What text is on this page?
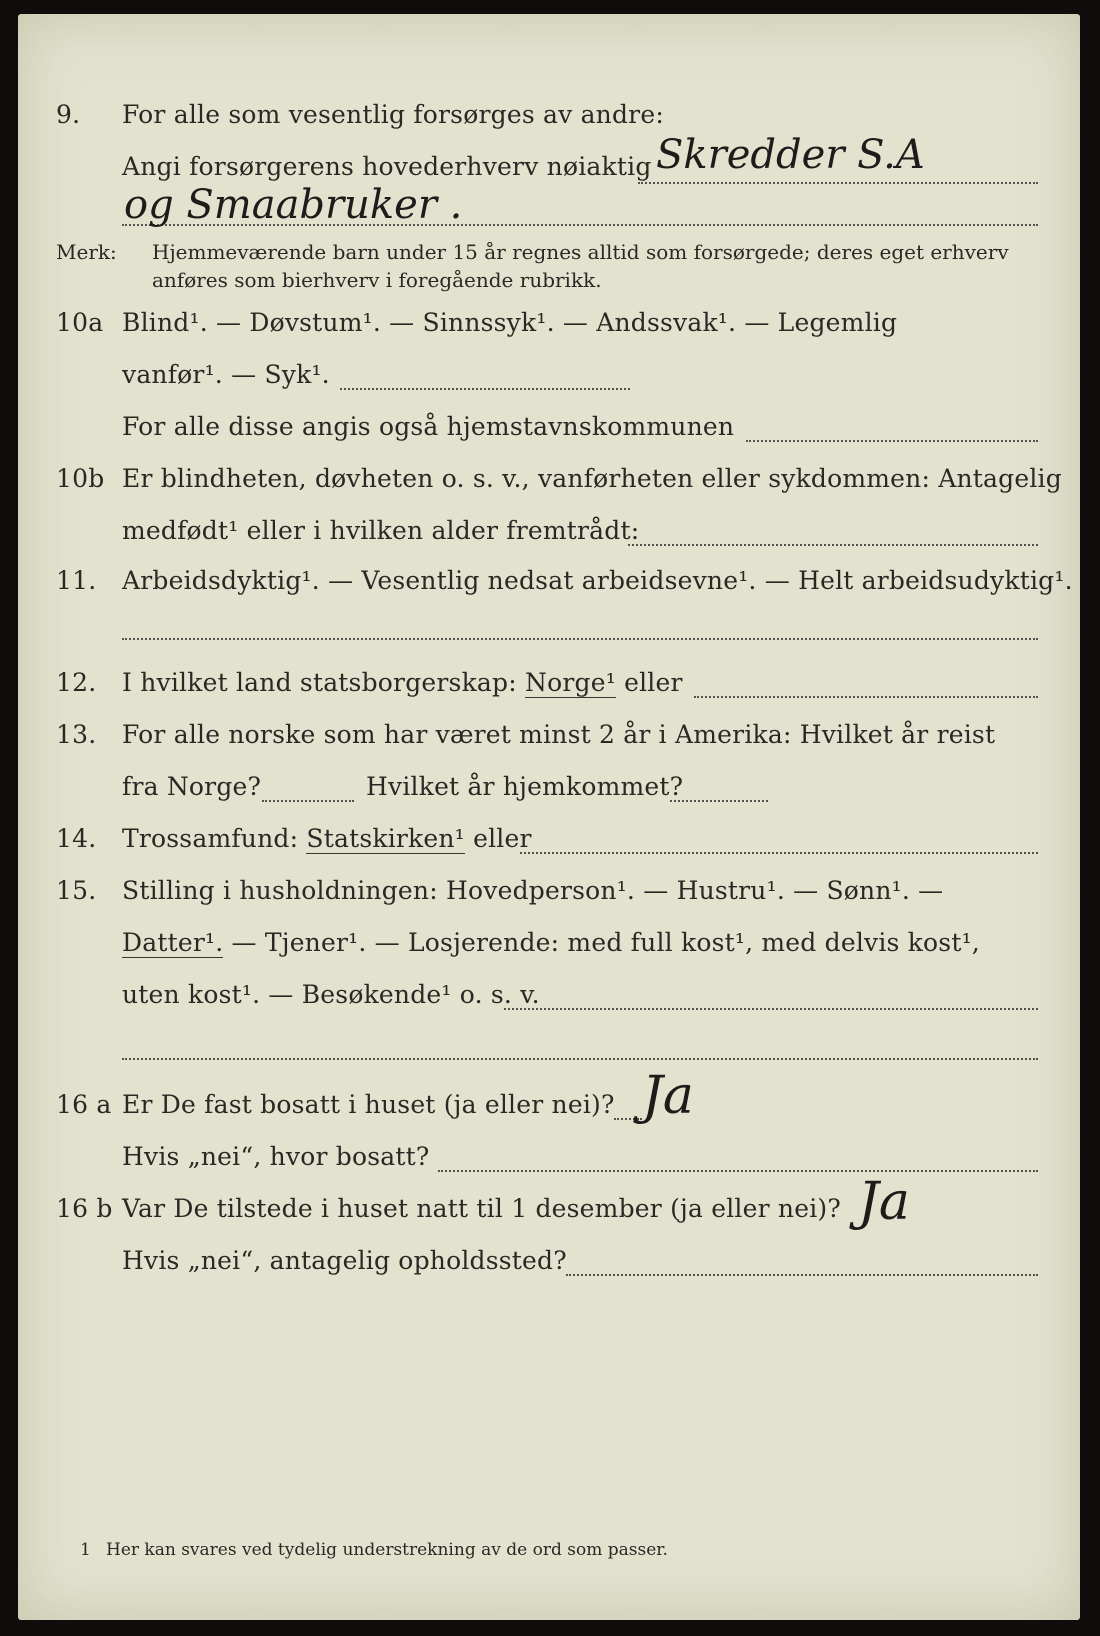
9. For alle som vesentlig forsørges av andre:
Angi forsørgerens hovederhverv nøiaktig Skredder S.A
og Smaabruker .
Merk: Hjemmeværende barn under 15 år regnes alltid som forsørgede; deres eget erhverv
anføres som bierhverv i foregående rubrikk.
10a Blind¹. — Døvstum¹. — Sinnssyk¹. — Andssvak¹. — Legemlig
vanfør¹. — Syk¹.
For alle disse angis også hjemstavnskommunen
10b Er blindheten, døvheten o. s. v., vanførheten eller sykdommen: Antagelig
medfødt¹ eller i hvilken alder fremtrådt:
11. Arbeidsdyktig¹. — Vesentlig nedsat arbeidsevne¹. — Helt arbeidsudyktig¹.
12. I hvilket land statsborgerskap: Norge¹ eller
13. For alle norske som har været minst 2 år i Amerika: Hvilket år reist
fra Norge?	Hvilket år hjemkommet?
14. Trossamfund: Statskirken¹ eller
15. Stilling i husholdningen: Hovedperson¹. — Hustru¹. — Sønn¹. —
Datter¹. — Tjener¹. — Losjerende: med full kost¹, med delvis kost¹,
uten kost¹. — Besøkende¹ o. s. v.
16 a Er De fast bosatt i huset (ja eller nei)? Ja
Hvis „nei“, hvor bosatt?
16 b Var De tilstede i huset natt til 1 desember (ja eller nei)? Ja
Hvis „nei“, antagelig opholdssted?
1 Her kan svares ved tydelig understrekning av de ord som passer.
